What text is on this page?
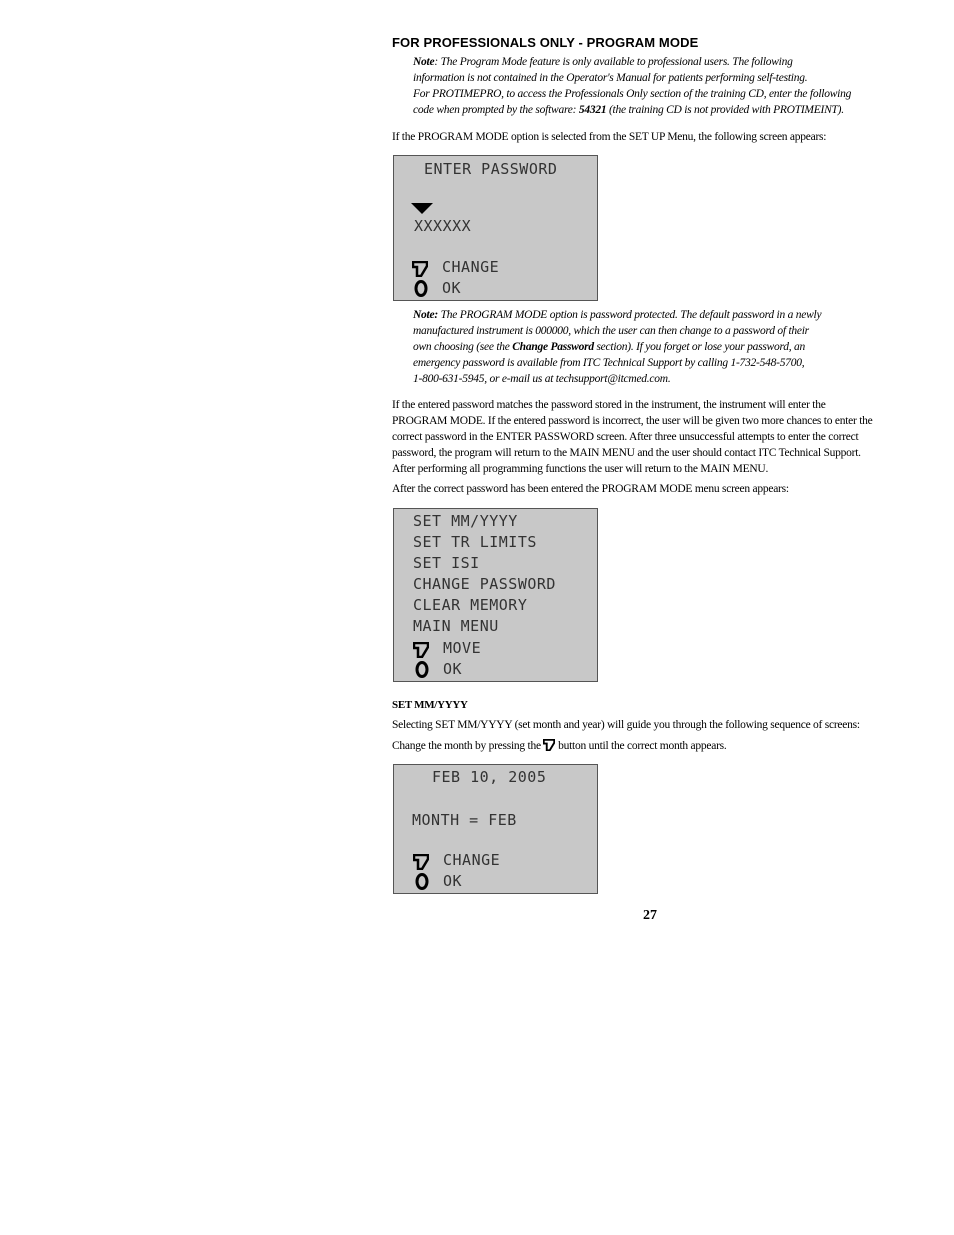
FOR PROFESSIONALS ONLY - PROGRAM MODE
Note: The Program Mode feature is only available to professional users. The following
information is not contained in the Operator's Manual for patients performing self-testing.
For PROTIMEPRO, to access the Professionals Only section of the training CD, enter the following
code when prompted by the software: 54321 (the training CD is not provided with PROTIMEINT).

If the PROGRAM MODE option is selected from the SET UP Menu, the following screen appears:

ENTER PASSWORD
XXXXXX
CHANGE
OK
Note: The PROGRAM MODE option is password protected. The default password in a newly
manufactured instrument is 000000, which the user can then change to a password of their
own choosing (see the Change Password section). If you forget or lose your password, an
emergency password is available from ITC Technical Support by calling 1-732-548-5700,
1-800-631-5945, or e-mail us at techsupport@itcmed.com.
If the entered password matches the password stored in the instrument, the instrument will enter the
PROGRAM MODE. If the entered password is incorrect, the user will be given two more chances to enter the
correct password in the ENTER PASSWORD screen. After three unsuccessful attempts to enter the correct
password, the program will return to the MAIN MENU and the user should contact ITC Technical Support.
After performing all programming functions the user will return to the MAIN MENU.

After the correct password has been entered the PROGRAM MODE menu screen appears:

SET MM/YYYY
SET TR LIMITS
SET ISI
CHANGE PASSWORD
CLEAR MEMORY
MAIN MENU
MOVE
OK
SET MM/YYYY

Selecting SET MM/YYYY (set month and year) will guide you through the following sequence of screens:

Change the month by pressing the  button until the correct month appears.

FEB 10, 2005
MONTH = FEB
CHANGE
OK
27
